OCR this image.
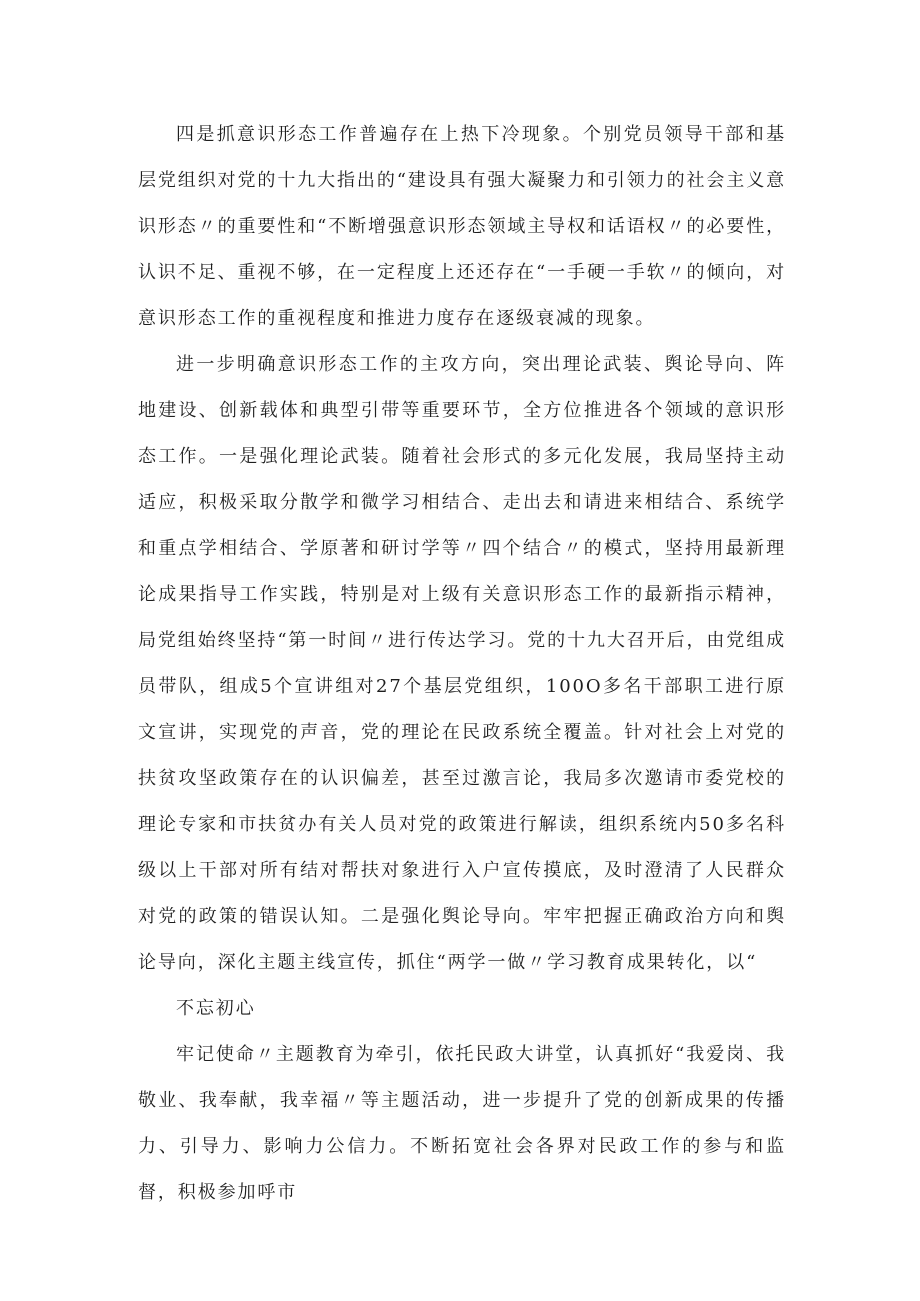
四是抓意识形态工作普遍存在上热下冷现象。个别党员领导干部和基层党组织对党的十九大指出的“建设具有强大凝聚力和引领力的社会主义意识形态〃的重要性和“不断增强意识形态领域主导权和话语权〃的必要性，认识不足、重视不够，在一定程度上还还存在“一手硬一手软〃的倾向，对意识形态工作的重视程度和推进力度存在逐级衰减的现象。

进一步明确意识形态工作的主攻方向，突出理论武装、舆论导向、阵地建设、创新载体和典型引带等重要环节，全方位推进各个领域的意识形态工作。一是强化理论武装。随着社会形式的多元化发展，我局坚持主动适应，积极采取分散学和微学习相结合、走出去和请进来相结合、系统学和重点学相结合、学原著和研讨学等〃四个结合〃的模式，坚持用最新理论成果指导工作实践，特别是对上级有关意识形态工作的最新指示精神，局党组始终坚持“第一时间〃进行传达学习。党的十九大召开后，由党组成员带队，组成5个宣讲组对27个基层党组织，100O多名干部职工进行原文宣讲，实现党的声音，党的理论在民政系统全覆盖。针对社会上对党的扶贫攻坚政策存在的认识偏差，甚至过激言论，我局多次邀请市委党校的理论专家和市扶贫办有关人员对党的政策进行解读，组织系统内50多名科级以上干部对所有结对帮扶对象进行入户宣传摸底，及时澄清了人民群众对党的政策的错误认知。二是强化舆论导向。牢牢把握正确政治方向和舆论导向，深化主题主线宣传，抓住“两学一做〃学习教育成果转化，以“

不忘初心

牢记使命〃主题教育为牵引，依托民政大讲堂，认真抓好“我爱岗、我敬业、我奉献，我幸福〃等主题活动，进一步提升了党的创新成果的传播力、引导力、影响力公信力。不断拓宽社会各界对民政工作的参与和监督，积极参加呼市
